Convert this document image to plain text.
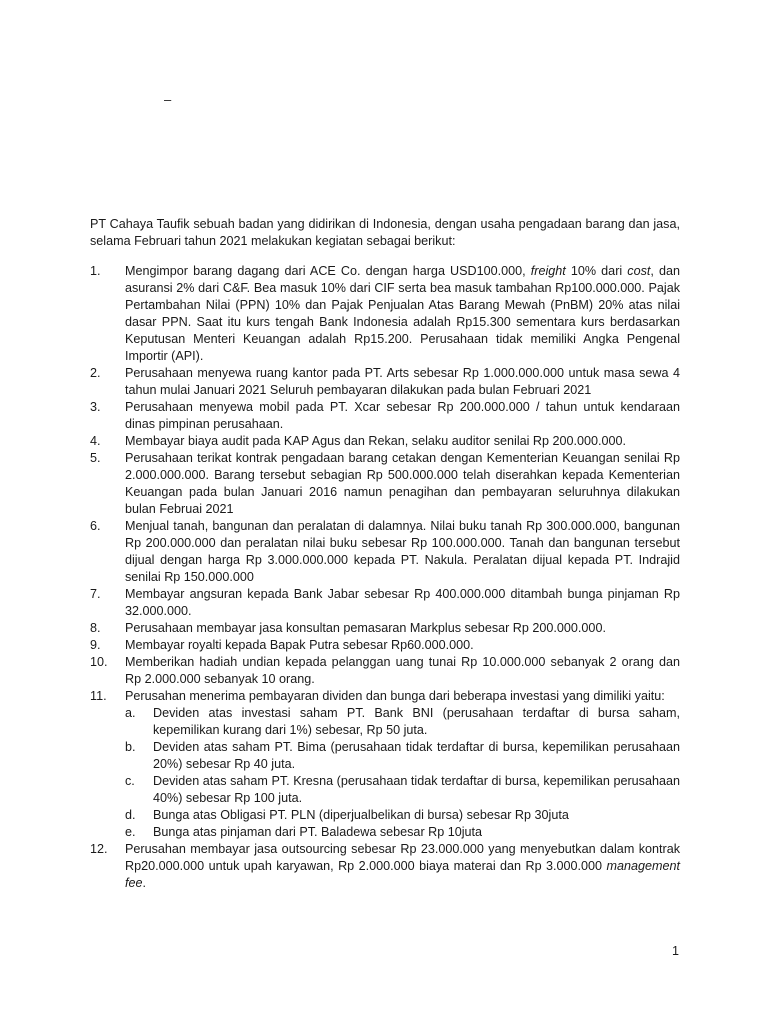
–

PT Cahaya Taufik sebuah badan yang didirikan di Indonesia, dengan usaha pengadaan barang dan jasa, selama Februari tahun 2021 melakukan kegiatan sebagai berikut:

1. Mengimpor barang dagang dari ACE Co. dengan harga USD100.000, freight 10% dari cost, dan asuransi 2% dari C&F. Bea masuk 10% dari CIF serta bea masuk tambahan Rp100.000.000. Pajak Pertambahan Nilai (PPN) 10% dan Pajak Penjualan Atas Barang Mewah (PnBM) 20% atas nilai dasar PPN. Saat itu kurs tengah Bank Indonesia adalah Rp15.300 sementara kurs berdasarkan Keputusan Menteri Keuangan adalah Rp15.200. Perusahaan tidak memiliki Angka Pengenal Importir (API).
2. Perusahaan menyewa ruang kantor pada PT. Arts sebesar Rp 1.000.000.000 untuk masa sewa 4 tahun mulai Januari 2021 Seluruh pembayaran dilakukan pada bulan Februari 2021
3. Perusahaan menyewa mobil pada PT. Xcar sebesar Rp 200.000.000 / tahun untuk kendaraan dinas pimpinan perusahaan.
4. Membayar biaya audit pada KAP Agus dan Rekan, selaku auditor senilai Rp 200.000.000.
5. Perusahaan terikat kontrak pengadaan barang cetakan dengan Kementerian Keuangan senilai Rp 2.000.000.000. Barang tersebut sebagian Rp 500.000.000 telah diserahkan kepada Kementerian Keuangan pada bulan Januari 2016 namun penagihan dan pembayaran seluruhnya dilakukan bulan Februai 2021
6. Menjual tanah, bangunan dan peralatan di dalamnya. Nilai buku tanah Rp 300.000.000, bangunan Rp 200.000.000 dan peralatan nilai buku sebesar Rp 100.000.000. Tanah dan bangunan tersebut dijual dengan harga Rp 3.000.000.000 kepada PT. Nakula. Peralatan dijual kepada PT. Indrajid senilai Rp 150.000.000
7. Membayar angsuran kepada Bank Jabar sebesar Rp 400.000.000 ditambah bunga pinjaman Rp 32.000.000.
8. Perusahaan membayar jasa konsultan pemasaran Markplus sebesar Rp 200.000.000.
9. Membayar royalti kepada Bapak Putra sebesar Rp60.000.000.
10. Memberikan hadiah undian kepada pelanggan uang tunai Rp 10.000.000 sebanyak 2 orang dan Rp 2.000.000 sebanyak 10 orang.
11. Perusahan menerima pembayaran dividen dan bunga dari beberapa investasi yang dimiliki yaitu:
a. Deviden atas investasi saham PT. Bank BNI (perusahaan terdaftar di bursa saham, kepemilikan kurang dari 1%) sebesar, Rp 50 juta.
b. Deviden atas saham PT. Bima (perusahaan tidak terdaftar di bursa, kepemilikan perusahaan 20%) sebesar Rp 40 juta.
c. Deviden atas saham PT. Kresna (perusahaan tidak terdaftar di bursa, kepemilikan perusahaan 40%) sebesar Rp 100 juta.
d. Bunga atas Obligasi PT. PLN (diperjualbelikan di bursa) sebesar Rp 30juta
e. Bunga atas pinjaman dari PT. Baladewa sebesar Rp 10juta
12. Perusahan membayar jasa outsourcing sebesar Rp 23.000.000 yang menyebutkan dalam kontrak Rp20.000.000 untuk upah karyawan, Rp 2.000.000 biaya materai dan Rp 3.000.000 management fee.
1
